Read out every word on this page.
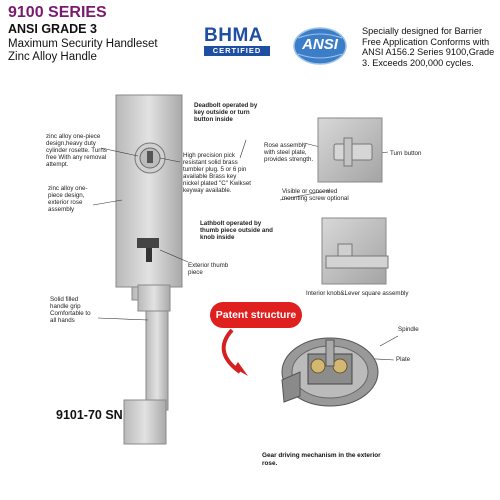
9100 SERIES
ANSI GRADE 3
Maximum Security Handleset
Zinc Alloy Handle
BHMA
CERTIFIED	ANSI
Specially designed for Barrier Free Application Conforms with ANSI A156.2 Series 9100,Grade 3. Exceeds 200,000 cycles.
Deadbolt operated by key outside or turn button inside
zinc alloy one-piece design,heavy duty cylinder rosette. Turns free With any removal attempt.
High precision pick resistant solid brass tumbler plug. 5 or 6 pin available Brass key nickel plated "C" Kwikset keyway available.
zinc alloy one-piece design, exterior rose assembly
Lathbolt operated by thumb piece outside and knob inside
Exterior thumb piece
Solid filled handle grip Comfortable to all hands
Rose assembly with steel plate, provides strength.
Turn button
Visible or concealed mounting screw optional
Interior knob&Lever square assembly
Spindle
Plate
Patent structure
Gear driving mechanism in the exterior rose.
9101-70 SN
